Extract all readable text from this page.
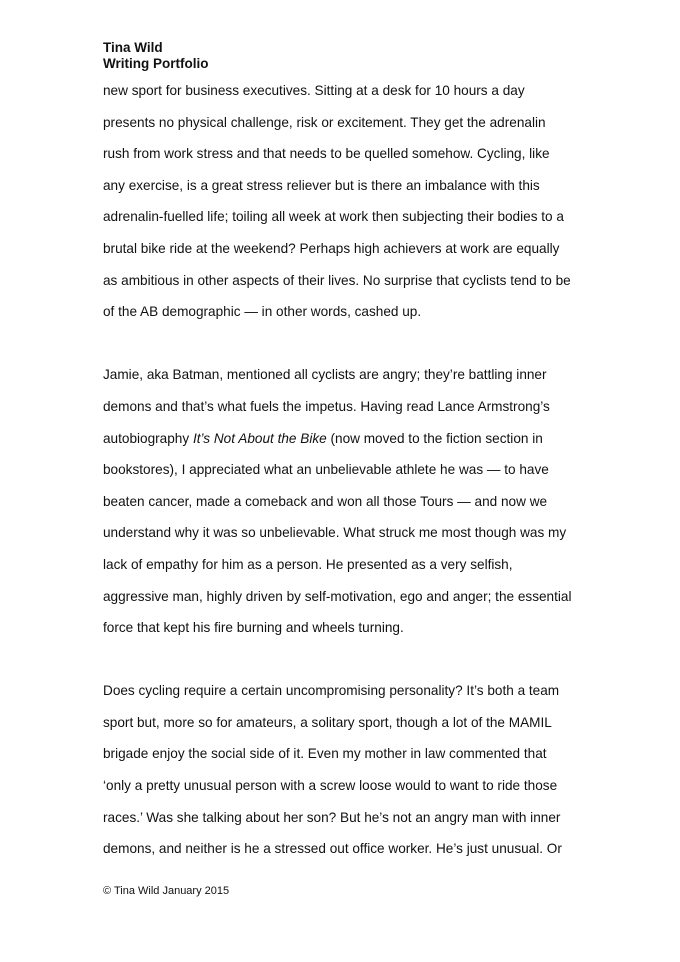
Tina Wild
Writing Portfolio
new sport for business executives. Sitting at a desk for 10 hours a day
presents no physical challenge, risk or excitement. They get the adrenalin
rush from work stress and that needs to be quelled somehow. Cycling, like
any exercise, is a great stress reliever but is there an imbalance with this
adrenalin-fuelled life; toiling all week at work then subjecting their bodies to a
brutal bike ride at the weekend? Perhaps high achievers at work are equally
as ambitious in other aspects of their lives. No surprise that cyclists tend to be
of the AB demographic — in other words, cashed up.
Jamie, aka Batman, mentioned all cyclists are angry; they’re battling inner
demons and that’s what fuels the impetus. Having read Lance Armstrong’s
autobiography It’s Not About the Bike (now moved to the fiction section in
bookstores), I appreciated what an unbelievable athlete he was — to have
beaten cancer, made a comeback and won all those Tours — and now we
understand why it was so unbelievable. What struck me most though was my
lack of empathy for him as a person. He presented as a very selfish,
aggressive man, highly driven by self-motivation, ego and anger; the essential
force that kept his fire burning and wheels turning.
Does cycling require a certain uncompromising personality? It’s both a team
sport but, more so for amateurs, a solitary sport, though a lot of the MAMIL
brigade enjoy the social side of it. Even my mother in law commented that
‘only a pretty unusual person with a screw loose would to want to ride those
races.’ Was she talking about her son? But he’s not an angry man with inner
demons, and neither is he a stressed out office worker. He’s just unusual. Or
© Tina Wild January 2015
